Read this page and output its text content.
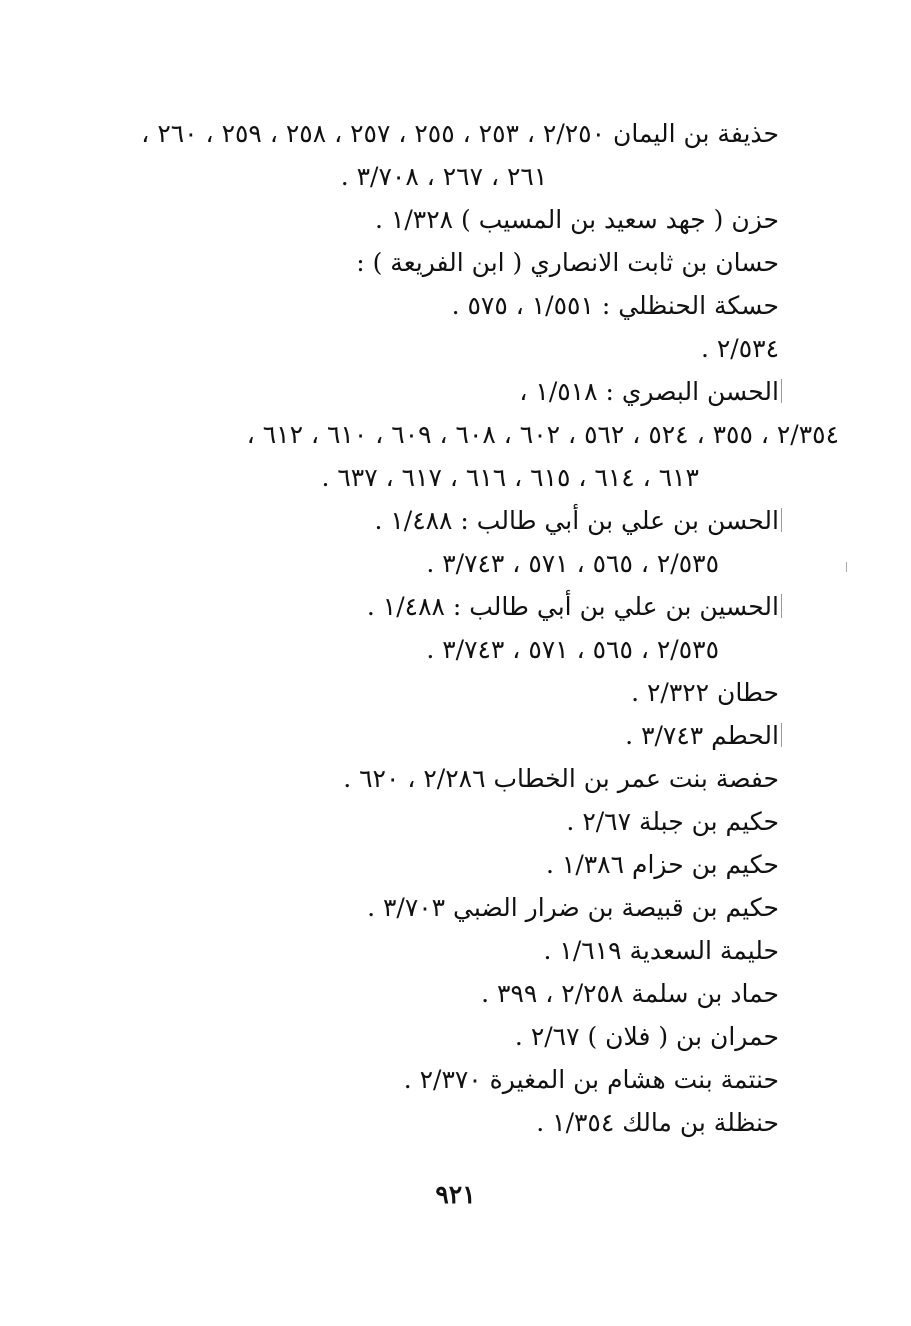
حذيفة بن اليمان ٢/٢٥٠ ، ٢٥٣ ، ٢٥٥ ، ٢٥٧ ، ٢٥٨ ، ٢٥٩ ، ٢٦٠ ،
٢٦١ ، ٢٦٧ ، ٣/٧٠٨ .
حزن ( جهد سعيد بن المسيب ) ١/٣٢٨ .
حسان بن ثابت الانصاري ( ابن الفريعة ) :
حسكة الحنظلي : ١/٥٥١ ، ٥٧٥ .
٢/٥٣٤ .
الحسن البصري : ١/٥١٨ ،
٢/٣٥٤ ، ٣٥٥ ، ٥٢٤ ، ٥٦٢ ، ٦٠٢ ، ٦٠٨ ، ٦٠٩ ، ٦١٠ ، ٦١٢ ،
٦١٣ ، ٦١٤ ، ٦١٥ ، ٦١٦ ، ٦١٧ ، ٦٣٧ .
الحسن بن علي بن أبي طالب : ١/٤٨٨ .
٢/٥٣٥ ، ٥٦٥ ، ٥٧١ ، ٣/٧٤٣ .
الحسين بن علي بن أبي طالب : ١/٤٨٨ .
٢/٥٣٥ ، ٥٦٥ ، ٥٧١ ، ٣/٧٤٣ .
حطان ٢/٣٢٢ .
الحطم ٣/٧٤٣ .
حفصة بنت عمر بن الخطاب ٢/٢٨٦ ، ٦٢٠ .
حكيم بن جبلة ٢/٦٧ .
حكيم بن حزام ١/٣٨٦ .
حكيم بن قبيصة بن ضرار الضبي ٣/٧٠٣ .
حليمة السعدية ١/٦١٩ .
حماد بن سلمة ٢/٢٥٨ ، ٣٩٩ .
حمران بن ( فلان ) ٢/٦٧ .
حنتمة بنت هشام بن المغيرة ٢/٣٧٠ .
حنظلة بن مالك ١/٣٥٤ .
٩٢١
